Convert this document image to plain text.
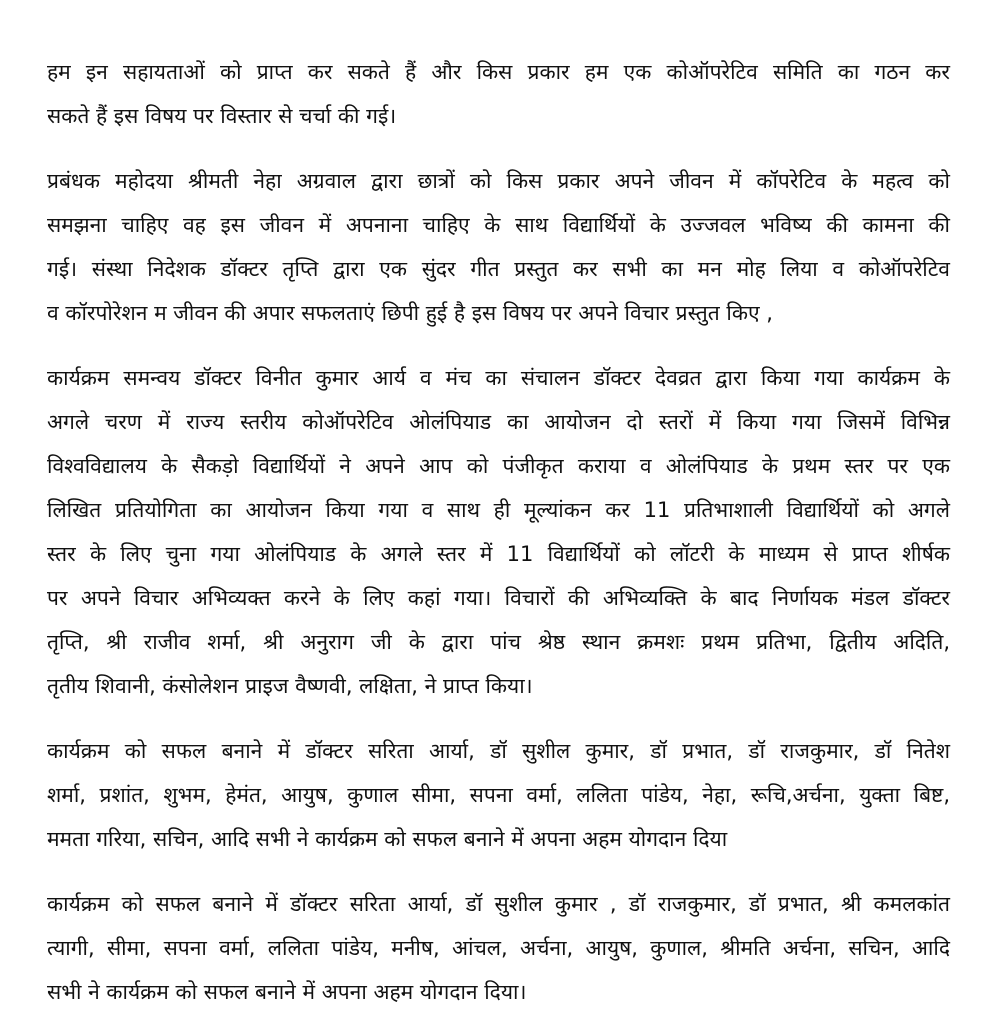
हम इन सहायताओं को प्राप्त कर सकते हैं और किस प्रकार हम एक कोऑपरेटिव समिति का गठन कर
सकते हैं इस विषय पर विस्तार से चर्चा की गई।
प्रबंधक महोदया श्रीमती नेहा अग्रवाल द्वारा छात्रों को किस प्रकार अपने जीवन में कॉपरेटिव के महत्व को
समझना चाहिए वह इस जीवन में अपनाना चाहिए के साथ विद्यार्थियों के उज्जवल भविष्य की कामना की
गई। संस्था निदेशक डॉक्टर तृप्ति द्वारा एक सुंदर गीत प्रस्तुत कर सभी का मन मोह लिया व कोऑपरेटिव
व कॉरपोरेशन म जीवन की अपार सफलताएं छिपी हुई है इस विषय पर अपने विचार प्रस्तुत किए ,
कार्यक्रम समन्वय डॉक्टर विनीत कुमार आर्य व मंच का संचालन डॉक्टर देवव्रत द्वारा किया गया कार्यक्रम के
अगले चरण में राज्य स्तरीय कोऑपरेटिव ओलंपियाड का आयोजन दो स्तरों में किया गया जिसमें विभिन्न
विश्वविद्यालय के सैकड़ो विद्यार्थियों ने अपने आप को पंजीकृत कराया व ओलंपियाड के प्रथम स्तर पर एक
लिखित प्रतियोगिता का आयोजन किया गया व साथ ही मूल्यांकन कर 11 प्रतिभाशाली विद्यार्थियों को अगले
स्तर के लिए चुना गया ओलंपियाड के अगले स्तर में 11 विद्यार्थियों को लॉटरी के माध्यम से प्राप्त शीर्षक
पर अपने विचार अभिव्यक्त करने के लिए कहां गया। विचारों की अभिव्यक्ति के बाद निर्णायक मंडल डॉक्टर
तृप्ति, श्री राजीव शर्मा, श्री अनुराग जी के द्वारा पांच श्रेष्ठ स्थान क्रमशः प्रथम प्रतिभा, द्वितीय अदिति,
तृतीय शिवानी, कंसोलेशन प्राइज वैष्णवी, लक्षिता, ने प्राप्त किया।
कार्यक्रम को सफल बनाने में डॉक्टर सरिता आर्या, डॉ सुशील कुमार, डॉ प्रभात, डॉ राजकुमार, डॉ नितेश
शर्मा, प्रशांत, शुभम, हेमंत, आयुष, कुणाल सीमा, सपना वर्मा, ललिता पांडेय, नेहा, रूचि,अर्चना, युक्ता बिष्ट,
ममता गरिया, सचिन, आदि सभी ने कार्यक्रम को सफल बनाने में अपना अहम योगदान दिया
कार्यक्रम को सफल बनाने में डॉक्टर सरिता आर्या, डॉ सुशील कुमार , डॉ राजकुमार, डॉ प्रभात, श्री कमलकांत
त्यागी, सीमा, सपना वर्मा, ललिता पांडेय, मनीष, आंचल, अर्चना, आयुष, कुणाल, श्रीमति अर्चना, सचिन, आदि
सभी ने कार्यक्रम को सफल बनाने में अपना अहम योगदान दिया।
